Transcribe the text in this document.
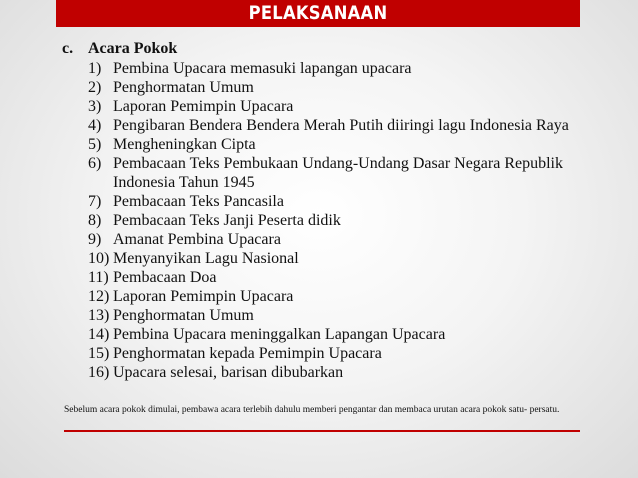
PELAKSANAAN
c. Acara Pokok
1) Pembina Upacara memasuki lapangan upacara
2) Penghormatan Umum
3) Laporan Pemimpin Upacara
4) Pengibaran Bendera Bendera Merah Putih diiringi lagu Indonesia Raya
5) Mengheningkan Cipta
6) Pembacaan Teks Pembukaan Undang-Undang Dasar Negara Republik Indonesia Tahun 1945
7) Pembacaan Teks Pancasila
8) Pembacaan Teks Janji Peserta didik
9) Amanat Pembina Upacara
10) Menyanyikan Lagu Nasional
11) Pembacaan Doa
12) Laporan Pemimpin Upacara
13) Penghormatan Umum
14) Pembina Upacara meninggalkan Lapangan Upacara
15) Penghormatan kepada Pemimpin Upacara
16) Upacara selesai, barisan dibubarkan
Sebelum acara pokok dimulai, pembawa acara terlebih dahulu memberi pengantar dan membaca urutan acara pokok satu- persatu.
